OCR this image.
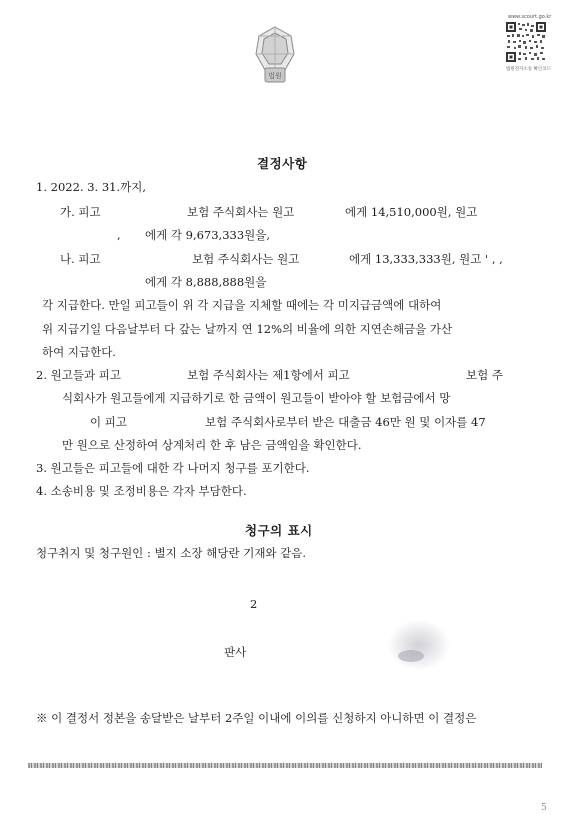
법원
www.scourt.go.kr
법원전자소송 확인코드
결정사항
1. 2022. 3. 31.까지,
가. 피고	보험 주식회사는 원고	에게 14,510,000원, 원고
, 에게 각 9,673,333원을,
나. 피고	보험 주식회사는 원고	에게 13,333,333원, 원고 ' , ,
에게 각 8,888,888원을
각 지급한다. 만일 피고들이 위 각 지급을 지체할 때에는 각 미지급금액에 대하여
위 지급기일 다음날부터 다 갚는 날까지 연 12%의 비율에 의한 지연손해금을 가산
하여 지급한다.
2. 원고들과 피고	보험 주식회사는 제1항에서 피고	보험 주
식회사가 원고들에게 지급하기로 한 금액이 원고들이 받아야 할 보험금에서 망
이 피고	보험 주식회사로부터 받은 대출금 46만 원 및 이자를 47
만 원으로 산정하여 상계처리 한 후 남은 금액임을 확인한다.
3. 원고들은 피고들에 대한 각 나머지 청구를 포기한다.
4. 소송비용 및 조정비용은 각자 부담한다.
청구의 표시
청구취지 및 청구원인 : 별지 소장 해당란 기재와 같음.
2
판사
※ 이 결정서 정본을 송달받은 날부터 2주일 이내에 이의를 신청하지 아니하면 이 결정은
5
